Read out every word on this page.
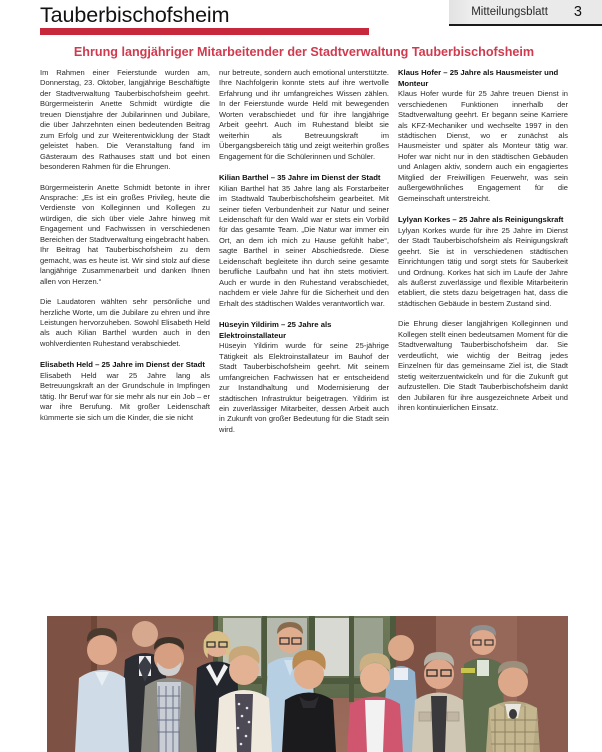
Tauberbischofsheim	Mitteilungsblatt 3
Ehrung langjähriger Mitarbeitender der Stadtverwaltung Tauberbischofsheim

Im Rahmen einer Feierstunde wurden am, Donnerstag, 23. Oktober, langjährige Beschäftigte der Stadtverwaltung Tauberbischofsheim geehrt. Bürgermeisterin Anette Schmidt würdigte die treuen Dienstjahre der Jubilarinnen und Jubilare, die über Jahrzehnten einen bedeutenden Beitrag zum Erfolg und zur Weiterentwicklung der Stadt geleistet haben. Die Veranstaltung fand im Gästeraum des Rathauses statt und bot einen besonderen Rahmen für die Ehrungen.

Bürgermeisterin Anette Schmidt betonte in ihrer Ansprache: „Es ist ein großes Privileg, heute die Verdienste von Kolleginnen und Kollegen zu würdigen, die sich über viele Jahre hinweg mit Engagement und Fachwissen in verschiedenen Bereichen der Stadtverwaltung eingebracht haben. Ihr Beitrag hat Tauberbischofsheim zu dem gemacht, was es heute ist. Wir sind stolz auf diese langjährige Zusammenarbeit und danken Ihnen allen von Herzen.“

Die Laudatoren wählten sehr persönliche und herzliche Worte, um die Jubilare zu ehren und ihre Leistungen hervorzuheben. Sowohl Elisabeth Held als auch Kilian Barthel wurden auch in den wohlverdienten Ruhestand verabschiedet.

Elisabeth Held – 25 Jahre im Dienst der Stadt

Elisabeth Held war 25 Jahre lang als Betreuungskraft an der Grundschule in Impfingen tätig. Ihr Beruf war für sie mehr als nur ein Job – er war ihre Berufung. Mit großer Leidenschaft kümmerte sie sich um die Kinder, die sie nicht

nur betreute, sondern auch emotional unterstützte. Ihre Nachfolgerin konnte stets auf ihre wertvolle Erfahrung und ihr umfangreiches Wissen zählen. In der Feierstunde wurde Held mit bewegenden Worten verabschiedet und für ihre langjährige Arbeit geehrt. Auch im Ruhestand bleibt sie weiterhin als Betreuungskraft im Übergangsbereich tätig und zeigt weiterhin großes Engagement für die Schülerinnen und Schüler.

Kilian Barthel – 35 Jahre im Dienst der Stadt

Kilian Barthel hat 35 Jahre lang als Forstarbeiter im Stadtwald Tauberbischofsheim gearbeitet. Mit seiner tiefen Verbundenheit zur Natur und seiner Leidenschaft für den Wald war er stets ein Vorbild für das gesamte Team. „Die Natur war immer ein Ort, an dem ich mich zu Hause gefühlt habe“, sagte Barthel in seiner Abschiedsrede. Diese Leidenschaft begleitete ihn durch seine gesamte berufliche Laufbahn und hat ihn stets motiviert. Auch er wurde in den Ruhestand verabschiedet, nachdem er viele Jahre für die Sicherheit und den Erhalt des städtischen Waldes verantwortlich war.

Hüseyin Yildirim – 25 Jahre als Elektroinstallateur

Hüseyin Yildirim wurde für seine 25-jährige Tätigkeit als Elektroinstallateur im Bauhof der Stadt Tauberbischofsheim geehrt. Mit seinem umfangreichen Fachwissen hat er entscheidend zur Instandhaltung und Modernisierung der städtischen Infrastruktur beigetragen. Yildirim ist ein zuverlässiger Mitarbeiter, dessen Arbeit auch in Zukunft von großer Bedeutung für die Stadt sein wird.

Klaus Hofer – 25 Jahre als Hausmeister und Monteur

Klaus Hofer wurde für 25 Jahre treuen Dienst in verschiedenen Funktionen innerhalb der Stadtverwaltung geehrt. Er begann seine Karriere als KFZ-Mechaniker und wechselte 1997 in den städtischen Dienst, wo er zunächst als Hausmeister und später als Monteur tätig war. Hofer war nicht nur in den städtischen Gebäuden und Anlagen aktiv, sondern auch ein engagiertes Mitglied der Freiwilligen Feuerwehr, was sein außergewöhnliches Engagement für die Gemeinschaft unterstreicht.

Lylyan Korkes – 25 Jahre als Reinigungskraft

Lylyan Korkes wurde für ihre 25 Jahre im Dienst der Stadt Tauberbischofsheim als Reinigungskraft geehrt. Sie ist in verschiedenen städtischen Einrichtungen tätig und sorgt stets für Sauberkeit und Ordnung. Korkes hat sich im Laufe der Jahre als äußerst zuverlässige und flexible Mitarbeiterin etabliert, die stets dazu beigetragen hat, dass die städtischen Gebäude in bestem Zustand sind.

Die Ehrung dieser langjährigen Kolleginnen und Kollegen stellt einen bedeutsamen Moment für die Stadtverwaltung Tauberbischofsheim dar. Sie verdeutlicht, wie wichtig der Beitrag jedes Einzelnen für das gemeinsame Ziel ist, die Stadt stetig weiterzuentwickeln und für die Zukunft gut aufzustellen. Die Stadt Tauberbischofsheim dankt den Jubilaren für ihre ausgezeichnete Arbeit und ihren kontinuierlichen Einsatz.
